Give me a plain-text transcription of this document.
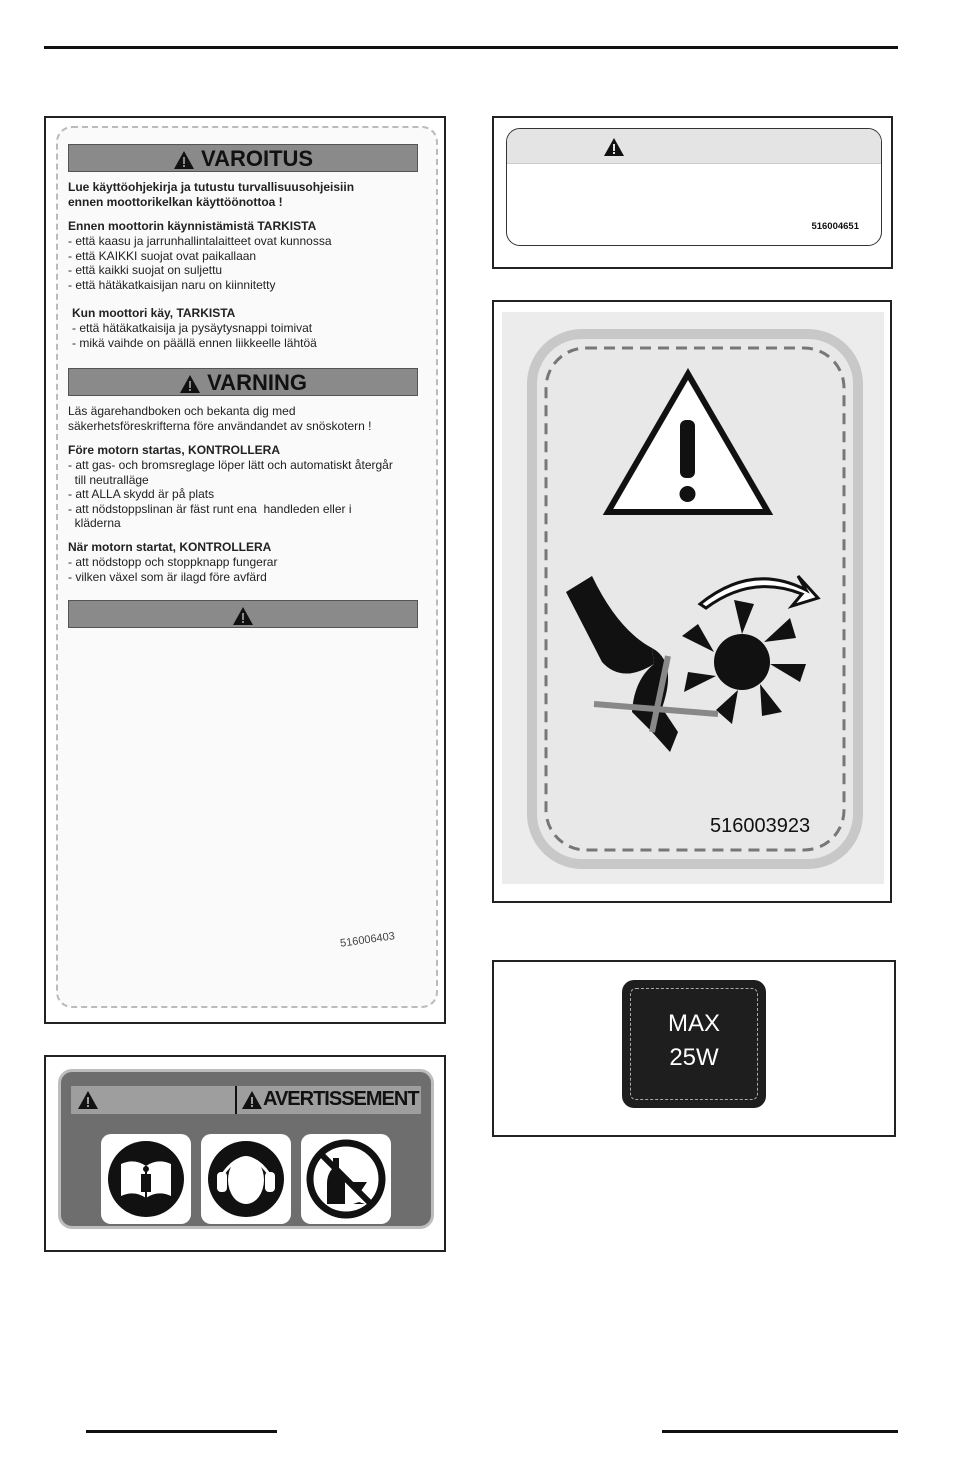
VAROITUS
Lue käyttöohjekirja ja tutustu turvallisuusohjeisiin
ennen moottorikelkan käyttöönottoa !
Ennen moottorin käynnistämistä TARKISTA
- että kaasu ja jarrunhallintalaitteet ovat kunnossa
- että KAIKKI suojat ovat paikallaan
- että kaikki suojat on suljettu
- että hätäkatkaisijan naru on kiinnitetty
Kun moottori käy, TARKISTA
- että hätäkatkaisija ja pysäytysnappi toimivat
- mikä vaihde on päällä ennen liikkeelle lähtöä
VARNING
Läs ägarehandboken och bekanta dig med
säkerhetsföreskrifterna före användandet av snöskotern !
Före motorn startas, KONTROLLERA
- att gas- och bromsreglage löper lätt och automatiskt återgår
till neutralläge
- att ALLA skydd är på plats
- att nödstoppslinan är fäst runt ena  handleden eller i
kläderna
När motorn startat, KONTROLLERA
- att nödstopp och stoppknapp fungerar
- vilken växel som är ilagd före avfärd
516006403
516004651
516003923
MAX
25W
AVERTISSEMENT
